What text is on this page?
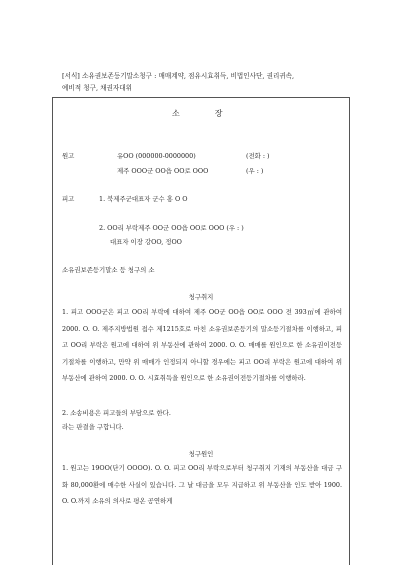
[서식] 소유권보존등기말소청구 : 매매계약, 점유시효취득, 비법인사단, 권리귀속,
예비적 청구, 채권자대위
소	장
원고	유OO (000000-0000000)	(전화 : )
제주 OOO군 OO읍 OO로 OOO	(우 : )
피고	1. 북제주군대표자 군수 홍 O O
2. OO리 부락제주 OO군 OO읍 OO로 OOO (우 : )
대표자 이장 강OO, 정OO
소유권보존등기말소 등 청구의 소
청구취지
1. 피고 OOO군은 피고 OO리 부락에 대하여 제주 OO군 OO읍 OO로 OOO 전 393㎡에 관하여 2000. O. O. 제주지방법원 접수 제1215호로 마친 소유권보존등기의 말소등기절차를 이행하고, 피고 OO리 부락은 원고에 대하여 위 부동산에 관하여 2000. O. O. 매매를 원인으로 한 소유권이전등기절차를 이행하고, 만약 위 매매가 인정되지 아니할 경우에는 피고 OO리 부락은 원고에 대하여 위 부동산에 관하여 2000. O. O. 시효취득을 원인으로 한 소유권이전등기절차를 이행하라.
2. 소송비용은 피고들의 부담으로 한다.
라는 판결을 구합니다.
청구원인
1. 원고는 19OO(단기 OOOO). O. O. 피고 OO리 부락으로부터 청구취지 기재의 부동산을 대금 구화 80,000환에 매수한 사실이 있습니다. 그 날 대금을 모두 지급하고 위 부동산을 인도 받아 1900. O. O.까지 소유의 의사로 평온 공연하게
